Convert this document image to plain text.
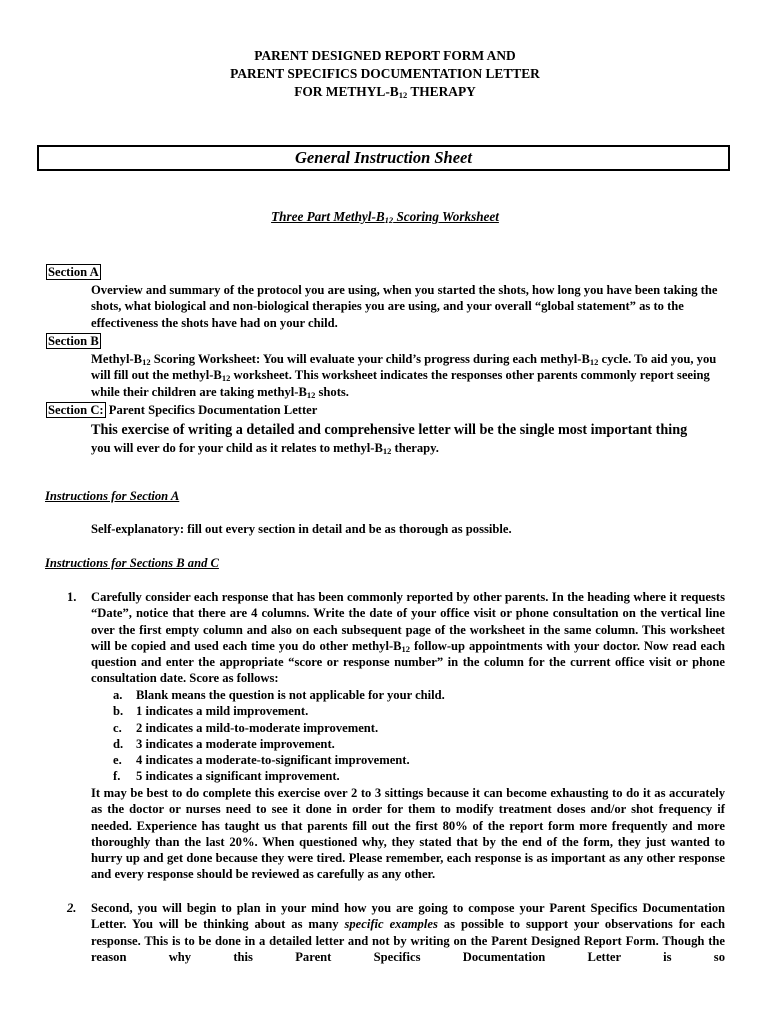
PARENT DESIGNED REPORT FORM AND
PARENT SPECIFICS DOCUMENTATION LETTER
FOR METHYL-$B_{12}$ THERAPY
General Instruction Sheet
Three Part Methyl-$B_{12}$ Scoring Worksheet
Section A
Overview and summary of the protocol you are using, when you started the shots, how long you have been taking the shots, what biological and non-biological therapies you are using, and your overall “global statement” as to the effectiveness the shots have had on your child.
Section B
Methyl-$B_{12}$ Scoring Worksheet: You will evaluate your child’s progress during each methyl-$B_{12}$ cycle. To aid you, you will fill out the methyl-$B_{12}$ worksheet. This worksheet indicates the responses other parents commonly report seeing while their children are taking methyl-$B_{12}$ shots.
Section C: Parent Specifics Documentation Letter
This exercise of writing a detailed and comprehensive letter will be the single most important thing
you will ever do for your child as it relates to methyl-$B_{12}$ therapy.
Instructions for Section A
Self-explanatory: fill out every section in detail and be as thorough as possible.
Instructions for Sections B and C
1. Carefully consider each response that has been commonly reported by other parents. In the heading where it requests “Date”, notice that there are 4 columns. Write the date of your office visit or phone consultation on the vertical line over the first empty column and also on each subsequent page of the worksheet in the same column. This worksheet will be copied and used each time you do other methyl-$B_{12}$ follow-up appointments with your doctor. Now read each question and enter the appropriate “score or response number” in the column for the current office visit or phone consultation date. Score as follows:
a. Blank means the question is not applicable for your child.
b. 1 indicates a mild improvement.
c. 2 indicates a mild-to-moderate improvement.
d. 3 indicates a moderate improvement.
e. 4 indicates a moderate-to-significant improvement.
f. 5 indicates a significant improvement.
It may be best to do complete this exercise over 2 to 3 sittings because it can become exhausting to do it as accurately as the doctor or nurses need to see it done in order for them to modify treatment doses and/or shot frequency if needed. Experience has taught us that parents fill out the first 80% of the report form more frequently and more thoroughly than the last 20%. When questioned why, they stated that by the end of the form, they just wanted to hurry up and get done because they were tired. Please remember, each response is as important as any other response and every response should be reviewed as carefully as any other.
2. Second, you will begin to plan in your mind how you are going to compose your Parent Specifics Documentation Letter. You will be thinking about as many specific examples as possible to support your observations for each response. This is to be done in a detailed letter and not by writing on the Parent Designed Report Form. Though the reason why this Parent Specifics Documentation Letter is so
